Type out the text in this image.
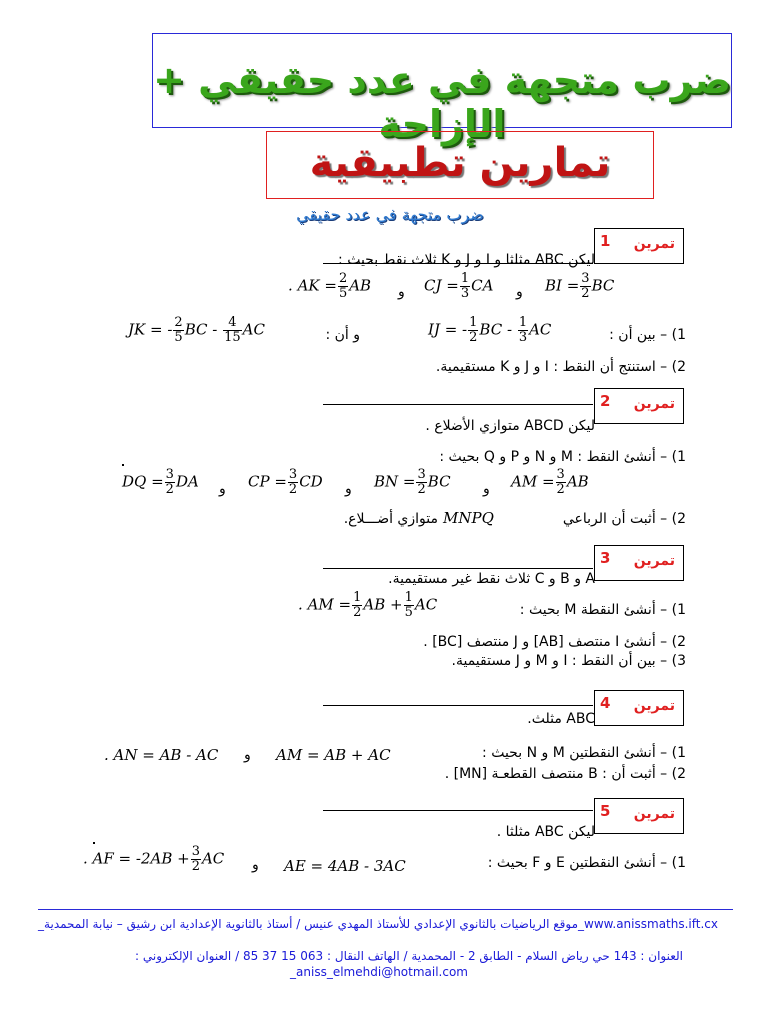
ضرب متجهة في عدد حقيقي + الإزاحة
تمارين تطبيقية
ضرب متجهة في عدد حقيقي
1 تمرين
ليكن ABC مثلثا و I و J و K ثلاث نقط بحيث :
. AK = $\frac{2}{5}$ AB و CJ = $\frac{1}{3}$ CA و BI = $\frac{3}{2}$ BC
JK = - $\frac{2}{5}$ BC - $\frac{4}{15}$ AC	و أن :	IJ = - $\frac{1}{2}$ BC - $\frac{1}{3}$ AC	1) – بين أن :
2) – استنتج أن النقط : I و J و K مستقيمية.
2 تمرين
ليكن ABCD متوازي الأضلاع .
1) – أنشئ النقط : M و N و P و Q بحيث :
DQ = $\frac{3}{2}$ DA و CP = $\frac{3}{2}$ CD و BN = $\frac{3}{2}$ BC و AM = $\frac{3}{2}$ AB
2) – أثبت أن الرباعي
MNPQ
متوازي أضـــلاع.
3 تمرين
A و B و C ثلاث نقط غير مستقيمية.
. AM = $\frac{1}{2}$ AB + $\frac{1}{5}$ AC	1) – أنشئ النقطة M بحيث :
2) – أنشئ I منتصف [AB] و J منتصف [BC] .
3) – بين أن النقط : I و M و J مستقيمية.
4 تمرين
ABC مثلث.
. AN = AB - AC و AM = AB + AC	1) – أنشئ النقطتين M و N بحيث :
2) – أثبت أن : B منتصف القطعـة [MN] .
5 تمرين
ليكن ABC مثلثا .
. AF = $-2AB + \frac{3}{2}$ AC و AE = 4AB - 3AC	1) – أنشئ النقطتين E و F بحيث :
www.anissmaths.ift.cx_موقع الرياضيات بالثانوي الإعدادي للأستاذ المهدي عنيس / أستاذ بالثانوية الإعدادية ابن رشيق – نيابة المحمدية_
العنوان : 143 حي رياض السلام - الطابق 2 - المحمدية / الهاتف النقال : 063 15 37 85 / العنوان الإلكتروني :
aniss_elmehdi@hotmail.com_
